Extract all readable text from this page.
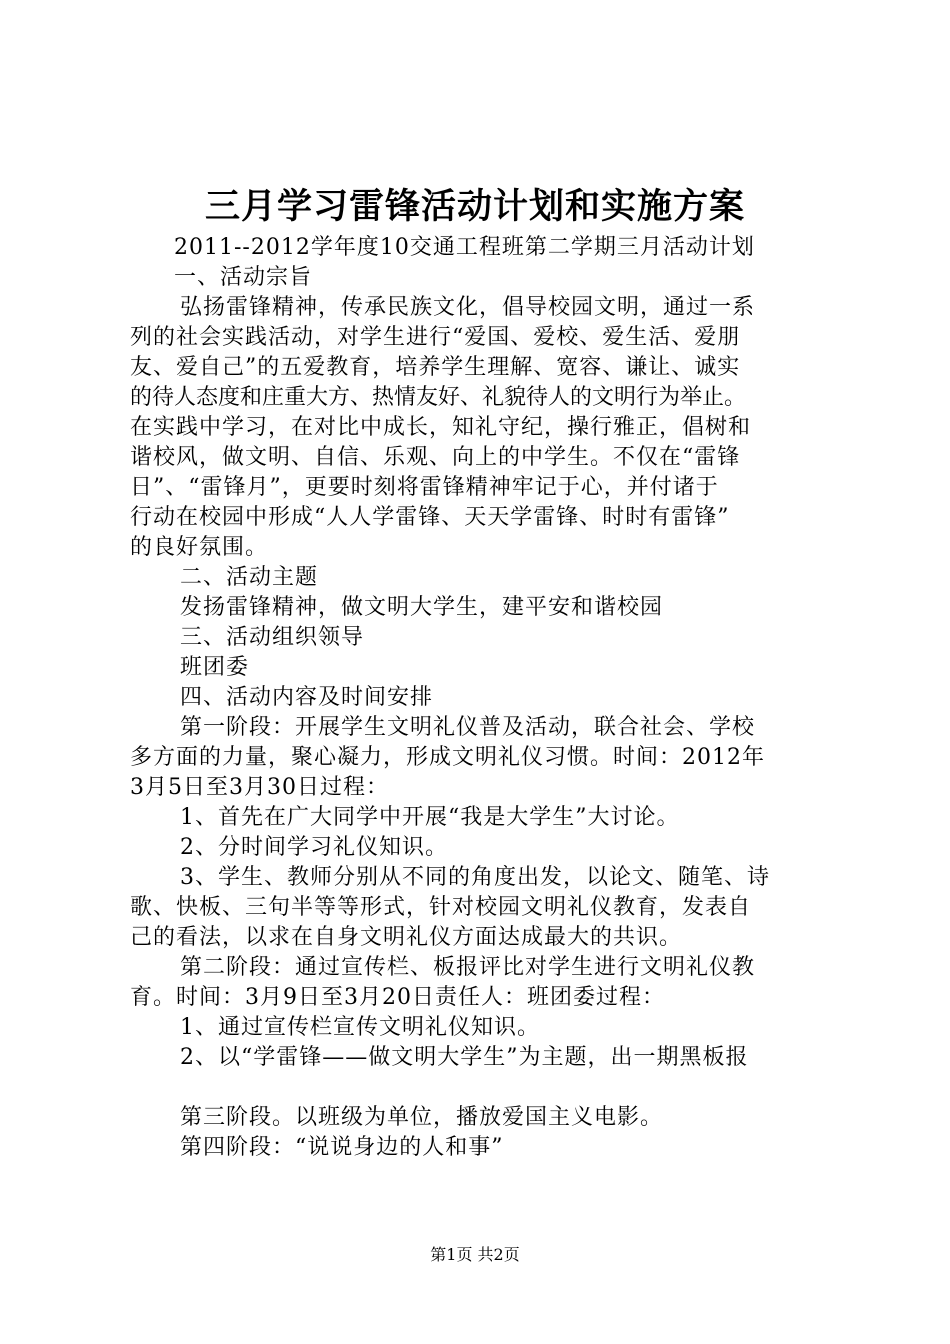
三月学习雷锋活动计划和实施方案
2011--2012学年度10交通工程班第二学期三月活动计划
一、活动宗旨
弘扬雷锋精神，传承民族文化，倡导校园文明，通过一系
列的社会实践活动，对学生进行“爱国、爱校、爱生活、爱朋
友、爱自己”的五爱教育，培养学生理解、宽容、谦让、诚实
的待人态度和庄重大方、热情友好、礼貌待人的文明行为举止。
在实践中学习，在对比中成长，知礼守纪，操行雅正，倡树和
谐校风，做文明、自信、乐观、向上的中学生。不仅在“雷锋
日”、“雷锋月”，更要时刻将雷锋精神牢记于心，并付诸于
行动在校园中形成“人人学雷锋、天天学雷锋、时时有雷锋”
的良好氛围。
二、活动主题
发扬雷锋精神，做文明大学生，建平安和谐校园
三、活动组织领导
班团委
四、活动内容及时间安排
第一阶段：开展学生文明礼仪普及活动，联合社会、学校
多方面的力量，聚心凝力，形成文明礼仪习惯。时间：2012年
3月5日至3月30日过程：
1、首先在广大同学中开展“我是大学生”大讨论。
2、分时间学习礼仪知识。
3、学生、教师分别从不同的角度出发，以论文、随笔、诗
歌、快板、三句半等等形式，针对校园文明礼仪教育，发表自
己的看法，以求在自身文明礼仪方面达成最大的共识。
第二阶段：通过宣传栏、板报评比对学生进行文明礼仪教
育。时间：3月9日至3月20日责任人：班团委过程：
1、通过宣传栏宣传文明礼仪知识。
2、以“学雷锋——做文明大学生”为主题，出一期黑板报
第三阶段。以班级为单位，播放爱国主义电影。
第四阶段：“说说身边的人和事”
第1页 共2页
